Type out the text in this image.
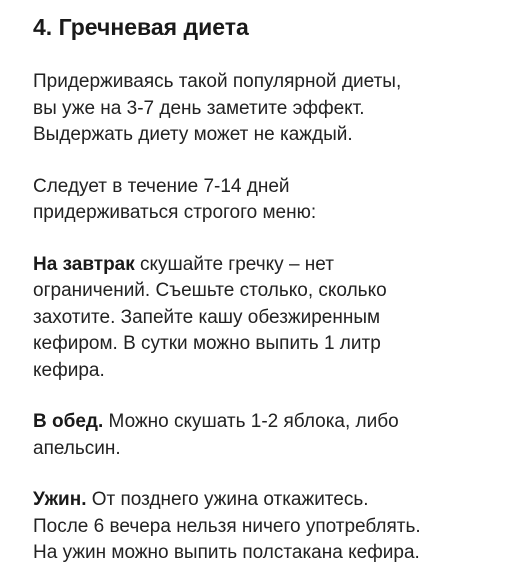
4. Гречневая диета

Придерживаясь такой популярной диеты,
вы уже на 3-7 день заметите эффект.
Выдержать диету может не каждый.

Следует в течение 7-14 дней
придерживаться строгого меню:

На завтрак скушайте гречку – нет
ограничений. Съешьте столько, сколько
захотите. Запейте кашу обезжиренным
кефиром. В сутки можно выпить 1 литр
кефира.

В обед. Можно скушать 1-2 яблока, либо
апельсин.

Ужин. От позднего ужина откажитесь.
После 6 вечера нельзя ничего употреблять.
На ужин можно выпить полстакана кефира.
